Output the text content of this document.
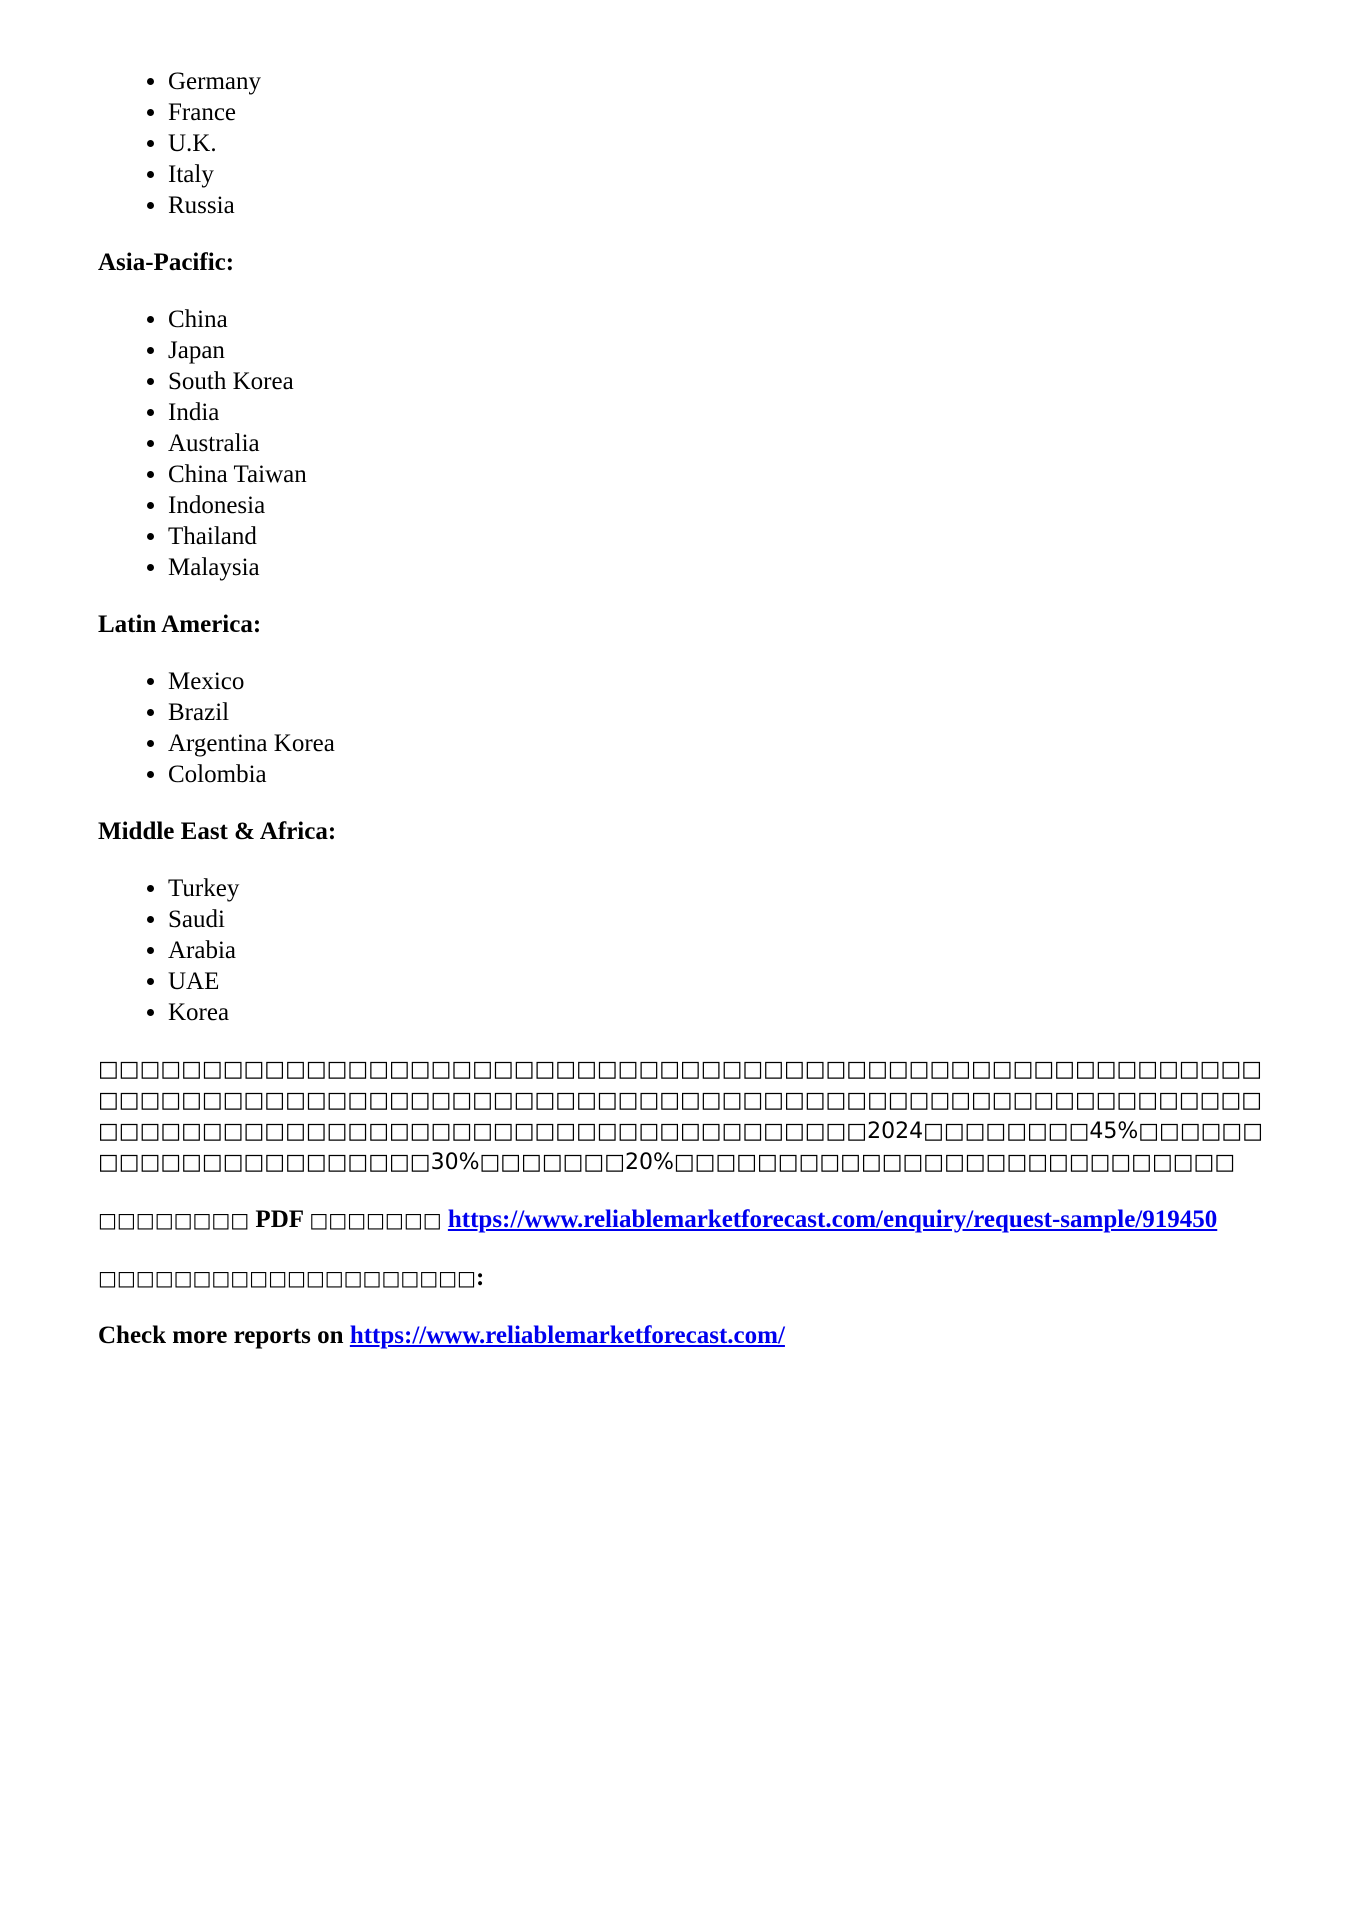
• Germany
• France
• U.K.
• Italy
• Russia
Asia-Pacific:
• China
• Japan
• South Korea
• India
• Australia
• China Taiwan
• Indonesia
• Thailand
• Malaysia
Latin America:
• Mexico
• Brazil
• Argentina Korea
• Colombia
Middle East & Africa:
• Turkey
• Saudi
• Arabia
• UAE
• Korea

□□□□□□□□□□□□□□□□□□□□□□□□□□□□□□□□□□□□□□□□□□□□□□□□□□□□□□□□□□□□□□□□□□□□□□□□□□□□□□□□□□□□□□□□□□□□□□□□□□□□□□□□□□□□□□□□□□□□□□□□□□□□□□□□□□□□□□□□□□□□□□□□□□□□□2024□□□□□□□□45%□□□□□□□□□□□□□□□□□□□□□□30%□□□□□□□20%□□□□□□□□□□□□□□□□□□□□□□□□□□□

□□□□□□□□ PDF □□□□□□□ https://www.reliablemarketforecast.com/enquiry/request-sample/919450

□□□□□□□□□□□□□□□□□□□□:

Check more reports on https://www.reliablemarketforecast.com/
